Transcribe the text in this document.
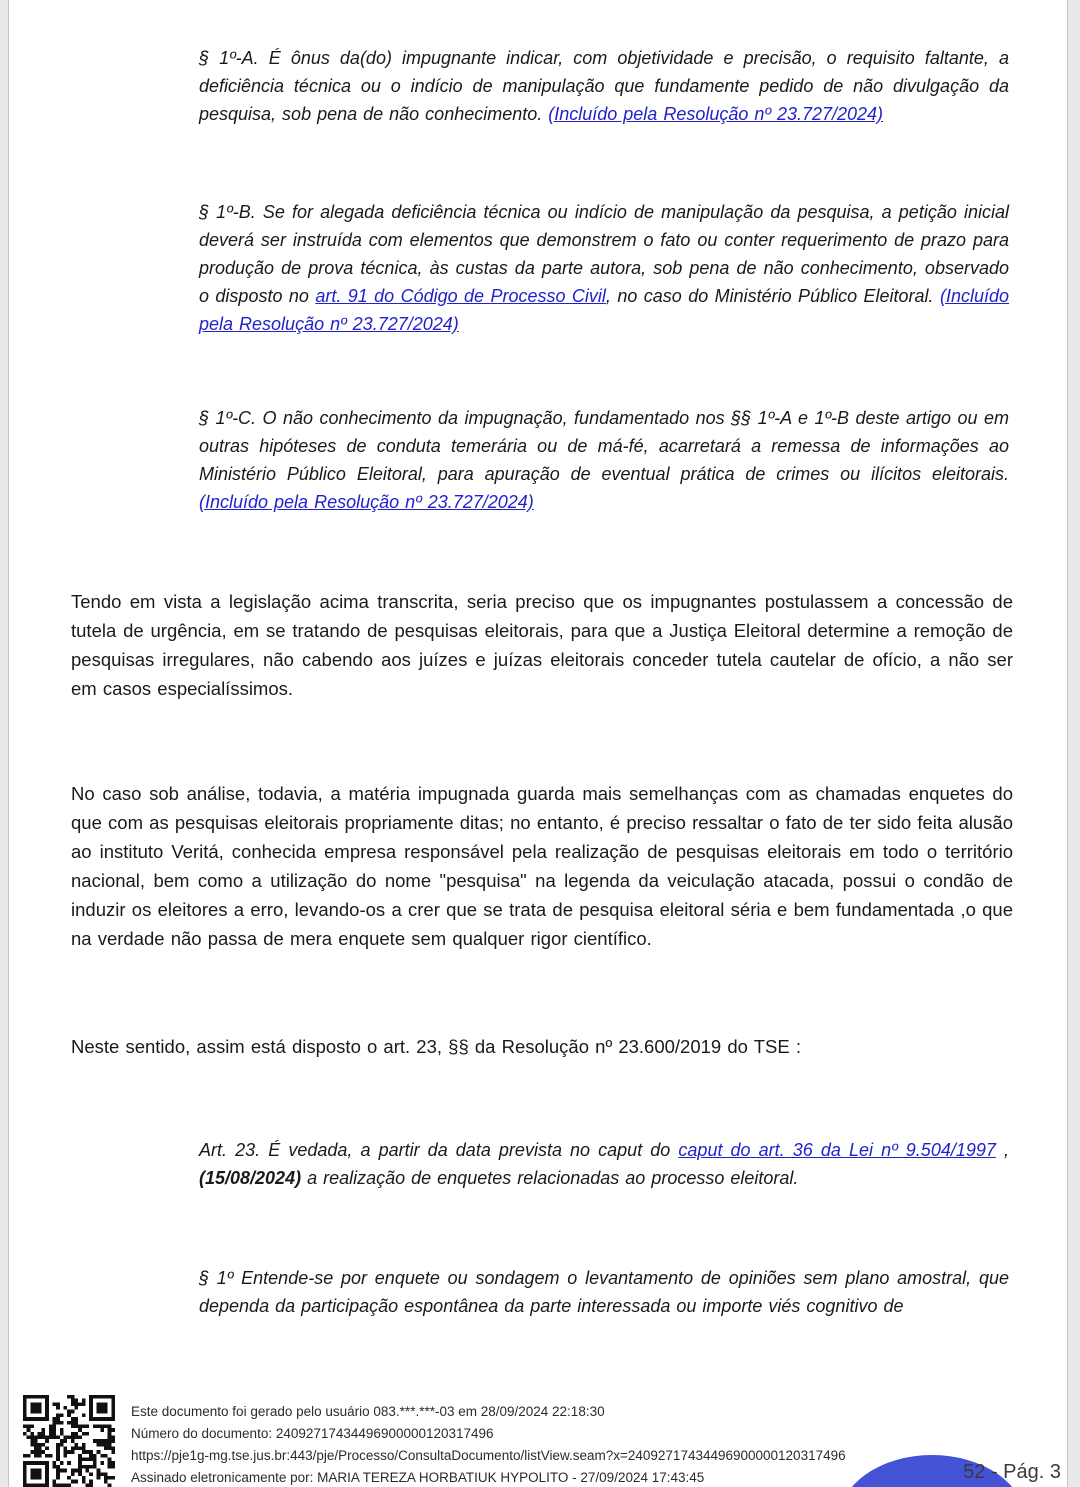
§ 1º-A. É ônus da(do) impugnante indicar, com objetividade e precisão, o requisito faltante, a deficiência técnica ou o indício de manipulação que fundamente pedido de não divulgação da pesquisa, sob pena de não conhecimento. (Incluído pela Resolução nº 23.727/2024)

§ 1º-B. Se for alegada deficiência técnica ou indício de manipulação da pesquisa, a petição inicial deverá ser instruída com elementos que demonstrem o fato ou conter requerimento de prazo para produção de prova técnica, às custas da parte autora, sob pena de não conhecimento, observado o disposto no art. 91 do Código de Processo Civil, no caso do Ministério Público Eleitoral. (Incluído pela Resolução nº 23.727/2024)

§ 1º-C. O não conhecimento da impugnação, fundamentado nos §§ 1º-A e 1º-B deste artigo ou em outras hipóteses de conduta temerária ou de má-fé, acarretará a remessa de informações ao Ministério Público Eleitoral, para apuração de eventual prática de crimes ou ilícitos eleitorais. (Incluído pela Resolução nº 23.727/2024)

Tendo em vista a legislação acima transcrita, seria preciso que os impugnantes postulassem a concessão de tutela de urgência, em se tratando de pesquisas eleitorais, para que a Justiça Eleitoral determine a remoção de pesquisas irregulares, não cabendo aos juízes e juízas eleitorais conceder tutela cautelar de ofício, a não ser em casos especialíssimos.

No caso sob análise, todavia, a matéria impugnada guarda mais semelhanças com as chamadas enquetes do que com as pesquisas eleitorais propriamente ditas; no entanto, é preciso ressaltar o fato de ter sido feita alusão ao instituto Veritá, conhecida empresa responsável pela realização de pesquisas eleitorais em todo o território nacional, bem como a utilização do nome "pesquisa" na legenda da veiculação atacada, possui o condão de induzir os eleitores a erro, levando-os a crer que se trata de pesquisa eleitoral séria e bem fundamentada ,o que na verdade não passa de mera enquete sem qualquer rigor científico.

Neste sentido, assim está disposto o art. 23, §§ da Resolução nº 23.600/2019 do TSE :

Art. 23. É vedada, a partir da data prevista no caput do caput do art. 36 da Lei nº 9.504/1997 ,(15/08/2024) a realização de enquetes relacionadas ao processo eleitoral.

§ 1º Entende-se por enquete ou sondagem o levantamento de opiniões sem plano amostral, que dependa da participação espontânea da parte interessada ou importe viés cognitivo de

Este documento foi gerado pelo usuário 083.***.***-03 em 28/09/2024 22:18:30
Número do documento: 24092717434496900000120317496
https://pje1g-mg.tse.jus.br:443/pje/Processo/ConsultaDocumento/listView.seam?x=24092717434496900000120317496
Assinado eletronicamente por: MARIA TEREZA HORBATIUK HYPOLITO - 27/09/2024 17:43:45	52 - Pág. 3
